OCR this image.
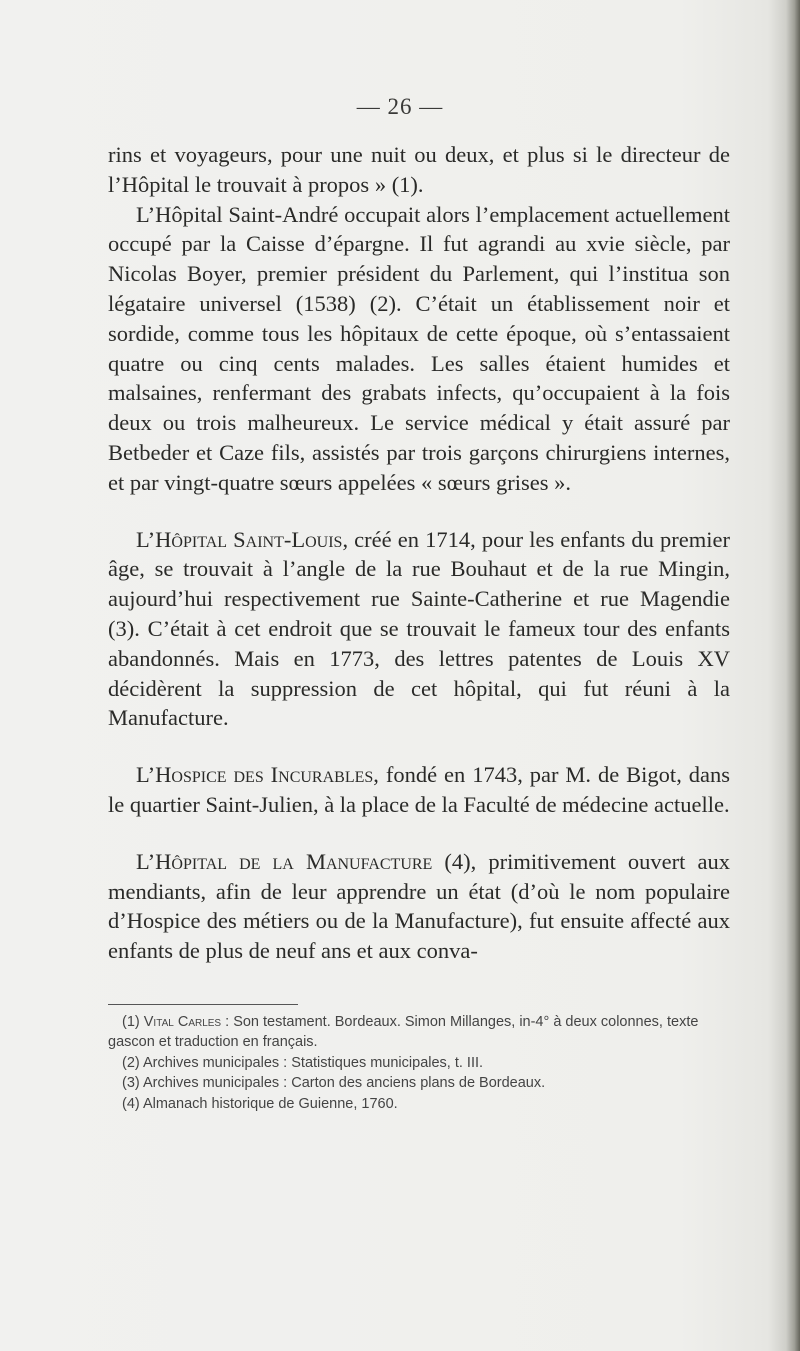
— 26 —

rins et voyageurs, pour une nuit ou deux, et plus si le directeur de l’Hôpital le trouvait à propos » (1).

L’Hôpital Saint-André occupait alors l’emplacement actuellement occupé par la Caisse d’épargne. Il fut agrandi au xvie siècle, par Nicolas Boyer, premier président du Parlement, qui l’institua son légataire universel (1538) (2). C’était un établissement noir et sordide, comme tous les hôpitaux de cette époque, où s’entassaient quatre ou cinq cents malades. Les salles étaient humides et malsaines, renfermant des grabats infects, qu’occupaient à la fois deux ou trois malheureux. Le service médical y était assuré par Betbeder et Caze fils, assistés par trois garçons chirurgiens internes, et par vingt-quatre sœurs appelées « sœurs grises ».

L’Hôpital Saint-Louis, créé en 1714, pour les enfants du premier âge, se trouvait à l’angle de la rue Bouhaut et de la rue Mingin, aujourd’hui respectivement rue Sainte-Catherine et rue Magendie (3). C’était à cet endroit que se trouvait le fameux tour des enfants abandonnés. Mais en 1773, des lettres patentes de Louis XV décidèrent la suppression de cet hôpital, qui fut réuni à la Manufacture.

L’Hospice des Incurables, fondé en 1743, par M. de Bigot, dans le quartier Saint-Julien, à la place de la Faculté de médecine actuelle.

L’Hôpital de la Manufacture (4), primitivement ouvert aux mendiants, afin de leur apprendre un état (d’où le nom populaire d’Hospice des métiers ou de la Manufacture), fut ensuite affecté aux enfants de plus de neuf ans et aux conva-

(1) Vital Carles : Son testament. Bordeaux. Simon Millanges, in-4° à deux colonnes, texte gascon et traduction en français.

(2) Archives municipales : Statistiques municipales, t. III.

(3) Archives municipales : Carton des anciens plans de Bordeaux.

(4) Almanach historique de Guienne, 1760.
